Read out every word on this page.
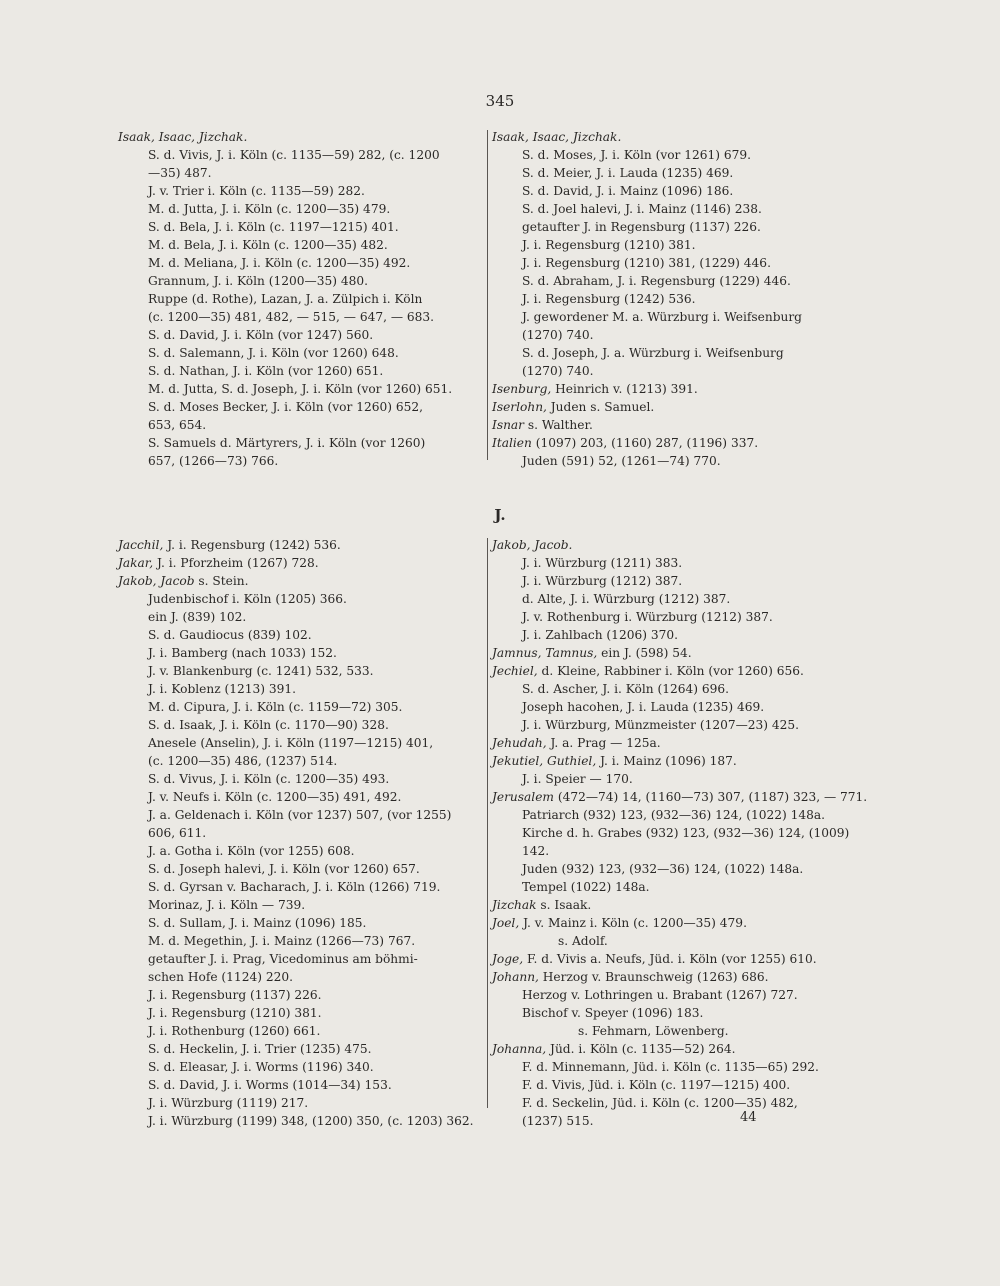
345
Isaak, Isaac, Jizchak.
S. d. Vivis, J. i. Köln (c. 1135—59) 282, (c. 1200
—35) 487.
J. v. Trier i. Köln (c. 1135—59) 282.
M. d. Jutta, J. i. Köln (c. 1200—35) 479.
S. d. Bela, J. i. Köln (c. 1197—1215) 401.
M. d. Bela, J. i. Köln (c. 1200—35) 482.
M. d. Meliana, J. i. Köln (c. 1200—35) 492.
Grannum, J. i. Köln (1200—35) 480.
Ruppe (d. Rothe), Lazan, J. a. Zülpich i. Köln
(c. 1200—35) 481, 482, — 515, — 647, — 683.
S. d. David, J. i. Köln (vor 1247) 560.
S. d. Salemann, J. i. Köln (vor 1260) 648.
S. d. Nathan, J. i. Köln (vor 1260) 651.
M. d. Jutta, S. d. Joseph, J. i. Köln (vor 1260) 651.
S. d. Moses Becker, J. i. Köln (vor 1260) 652,
653, 654.
S. Samuels d. Märtyrers, J. i. Köln (vor 1260)
657, (1266—73) 766.
Isaak, Isaac, Jizchak.
S. d. Moses, J. i. Köln (vor 1261) 679.
S. d. Meier, J. i. Lauda (1235) 469.
S. d. David, J. i. Mainz (1096) 186.
S. d. Joel halevi, J. i. Mainz (1146) 238.
getaufter J. in Regensburg (1137) 226.
J. i. Regensburg (1210) 381.
J. i. Regensburg (1210) 381, (1229) 446.
S. d. Abraham, J. i. Regensburg (1229) 446.
J. i. Regensburg (1242) 536.
J. gewordener M. a. Würzburg i. Weifsenburg
(1270) 740.
S. d. Joseph, J. a. Würzburg i. Weifsenburg
(1270) 740.
Isenburg, Heinrich v. (1213) 391.
Iserlohn, Juden s. Samuel.
Isnar s. Walther.
Italien (1097) 203, (1160) 287, (1196) 337.
Juden (591) 52, (1261—74) 770.
J.
Jacchil, J. i. Regensburg (1242) 536.
Jakar, J. i. Pforzheim (1267) 728.
Jakob, Jacob s. Stein.
Judenbischof i. Köln (1205) 366.
ein J. (839) 102.
S. d. Gaudiocus (839) 102.
J. i. Bamberg (nach 1033) 152.
J. v. Blankenburg (c. 1241) 532, 533.
J. i. Koblenz (1213) 391.
M. d. Cipura, J. i. Köln (c. 1159—72) 305.
S. d. Isaak, J. i. Köln (c. 1170—90) 328.
Anesele (Anselin), J. i. Köln (1197—1215) 401,
(c. 1200—35) 486, (1237) 514.
S. d. Vivus, J. i. Köln (c. 1200—35) 493.
J. v. Neufs i. Köln (c. 1200—35) 491, 492.
J. a. Geldenach i. Köln (vor 1237) 507, (vor 1255)
606, 611.
J. a. Gotha i. Köln (vor 1255) 608.
S. d. Joseph halevi, J. i. Köln (vor 1260) 657.
S. d. Gyrsan v. Bacharach, J. i. Köln (1266) 719.
Morinaz, J. i. Köln — 739.
S. d. Sullam, J. i. Mainz (1096) 185.
M. d. Megethin, J. i. Mainz (1266—73) 767.
getaufter J. i. Prag, Vicedominus am böhmi-
schen Hofe (1124) 220.
J. i. Regensburg (1137) 226.
J. i. Regensburg (1210) 381.
J. i. Rothenburg (1260) 661.
S. d. Heckelin, J. i. Trier (1235) 475.
S. d. Eleasar, J. i. Worms (1196) 340.
S. d. David, J. i. Worms (1014—34) 153.
J. i. Würzburg (1119) 217.
J. i. Würzburg (1199) 348, (1200) 350, (c. 1203) 362.
Jakob, Jacob.
J. i. Würzburg (1211) 383.
J. i. Würzburg (1212) 387.
d. Alte, J. i. Würzburg (1212) 387.
J. v. Rothenburg i. Würzburg (1212) 387.
J. i. Zahlbach (1206) 370.
Jamnus, Tamnus, ein J. (598) 54.
Jechiel, d. Kleine, Rabbiner i. Köln (vor 1260) 656.
S. d. Ascher, J. i. Köln (1264) 696.
Joseph hacohen, J. i. Lauda (1235) 469.
J. i. Würzburg, Münzmeister (1207—23) 425.
Jehudah, J. a. Prag — 125a.
Jekutiel, Guthiel, J. i. Mainz (1096) 187.
J. i. Speier — 170.
Jerusalem (472—74) 14, (1160—73) 307, (1187) 323, — 771.
Patriarch (932) 123, (932—36) 124, (1022) 148a.
Kirche d. h. Grabes (932) 123, (932—36) 124, (1009)
142.
Juden (932) 123, (932—36) 124, (1022) 148a.
Tempel (1022) 148a.
Jizchak s. Isaak.
Joel, J. v. Mainz i. Köln (c. 1200—35) 479.
s. Adolf.
Joge, F. d. Vivis a. Neufs, Jüd. i. Köln (vor 1255) 610.
Johann, Herzog v. Braunschweig (1263) 686.
Herzog v. Lothringen u. Brabant (1267) 727.
Bischof v. Speyer (1096) 183.
s. Fehmarn, Löwenberg.
Johanna, Jüd. i. Köln (c. 1135—52) 264.
F. d. Minnemann, Jüd. i. Köln (c. 1135—65) 292.
F. d. Vivis, Jüd. i. Köln (c. 1197—1215) 400.
F. d. Seckelin, Jüd. i. Köln (c. 1200—35) 482,
(1237) 515.	44
